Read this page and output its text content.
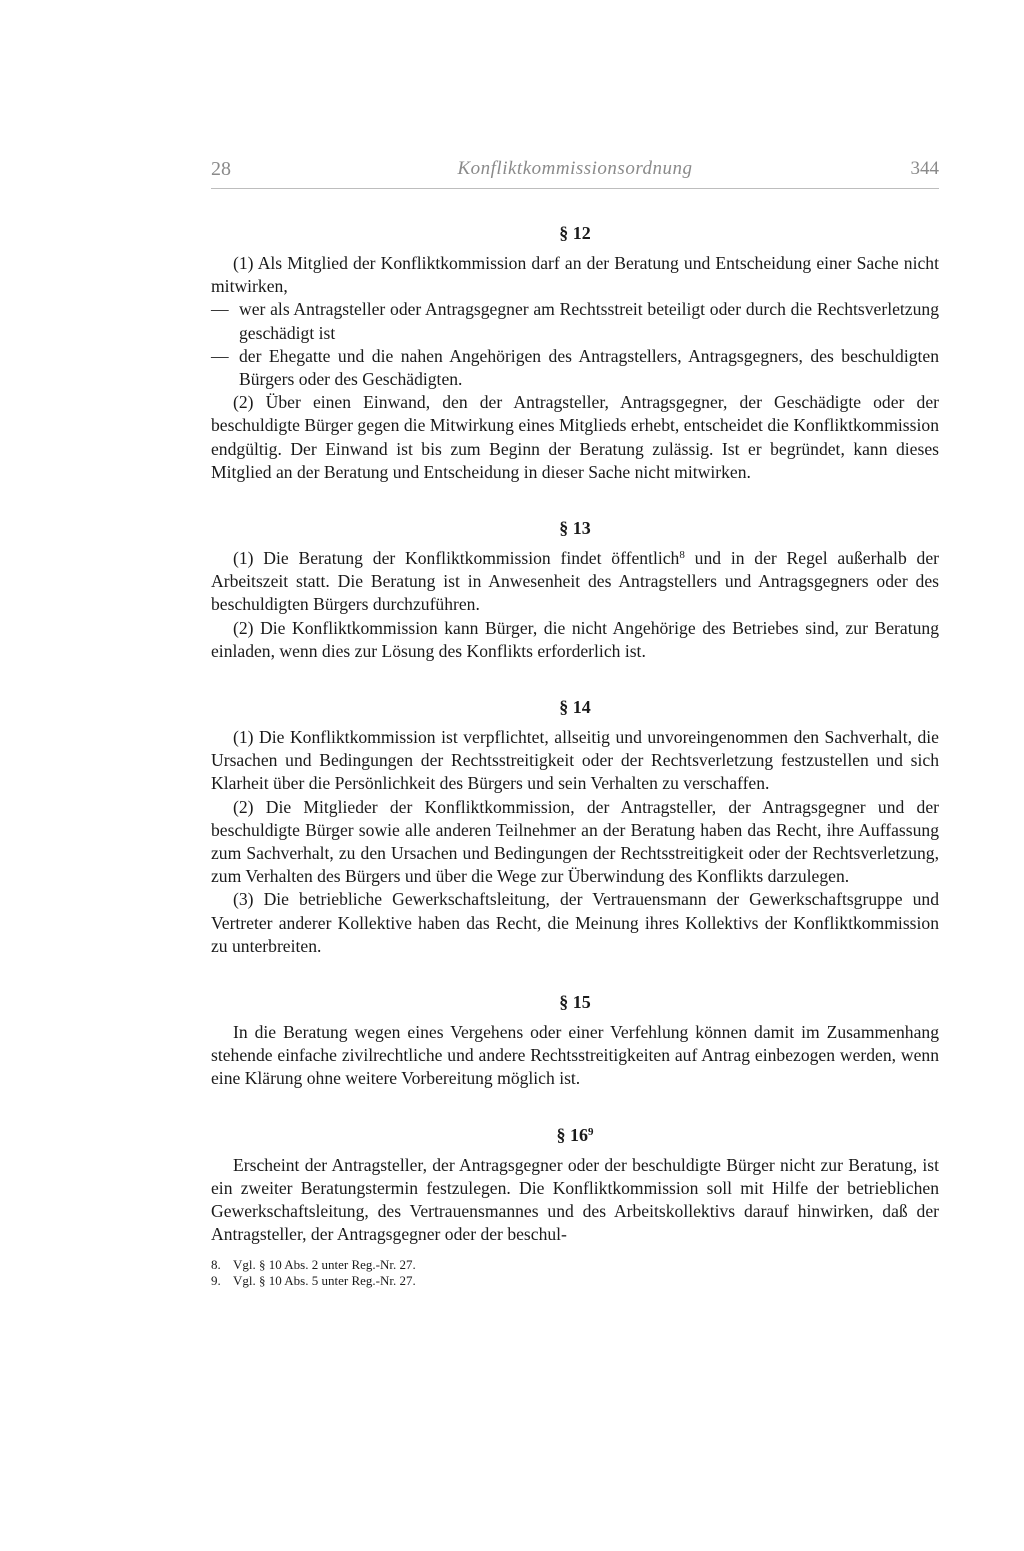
28	Konfliktkommissionsordnung	344
§ 12

(1) Als Mitglied der Konfliktkommission darf an der Beratung und Entscheidung einer Sache nicht mitwirken,

— wer als Antragsteller oder Antragsgegner am Rechtsstreit beteiligt oder durch die Rechtsverletzung geschädigt ist
— der Ehegatte und die nahen Angehörigen des Antragstellers, Antragsgegners, des beschuldigten Bürgers oder des Geschädigten.

(2) Über einen Einwand, den der Antragsteller, Antragsgegner, der Geschädigte oder der beschuldigte Bürger gegen die Mitwirkung eines Mitglieds erhebt, entscheidet die Konfliktkommission endgültig. Der Einwand ist bis zum Beginn der Beratung zulässig. Ist er begründet, kann dieses Mitglied an der Beratung und Entscheidung in dieser Sache nicht mitwirken.

§ 13

(1) Die Beratung der Konfliktkommission findet öffentlich$^8$ und in der Regel außerhalb der Arbeitszeit statt. Die Beratung ist in Anwesenheit des Antragstellers und Antragsgegners oder des beschuldigten Bürgers durchzuführen.

(2) Die Konfliktkommission kann Bürger, die nicht Angehörige des Betriebes sind, zur Beratung einladen, wenn dies zur Lösung des Konflikts erforderlich ist.

§ 14

(1) Die Konfliktkommission ist verpflichtet, allseitig und unvoreingenommen den Sachverhalt, die Ursachen und Bedingungen der Rechtsstreitigkeit oder der Rechtsverletzung festzustellen und sich Klarheit über die Persönlichkeit des Bürgers und sein Verhalten zu verschaffen.

(2) Die Mitglieder der Konfliktkommission, der Antragsteller, der Antragsgegner und der beschuldigte Bürger sowie alle anderen Teilnehmer an der Beratung haben das Recht, ihre Auffassung zum Sachverhalt, zu den Ursachen und Bedingungen der Rechtsstreitigkeit oder der Rechtsverletzung, zum Verhalten des Bürgers und über die Wege zur Überwindung des Konflikts darzulegen.

(3) Die betriebliche Gewerkschaftsleitung, der Vertrauensmann der Gewerkschaftsgruppe und Vertreter anderer Kollektive haben das Recht, die Meinung ihres Kollektivs der Konfliktkommission zu unterbreiten.

§ 15

In die Beratung wegen eines Vergehens oder einer Verfehlung können damit im Zusammenhang stehende einfache zivilrechtliche und andere Rechtsstreitigkeiten auf Antrag einbezogen werden, wenn eine Klärung ohne weitere Vorbereitung möglich ist.

§ $16^9$

Erscheint der Antragsteller, der Antragsgegner oder der beschuldigte Bürger nicht zur Beratung, ist ein zweiter Beratungstermin festzulegen. Die Konfliktkommission soll mit Hilfe der betrieblichen Gewerkschaftsleitung, des Vertrauensmannes und des Arbeitskollektivs darauf hinwirken, daß der Antragsteller, der Antragsgegner oder der beschul-

8. Vgl. § 10 Abs. 2 unter Reg.-Nr. 27.
9. Vgl. § 10 Abs. 5 unter Reg.-Nr. 27.
